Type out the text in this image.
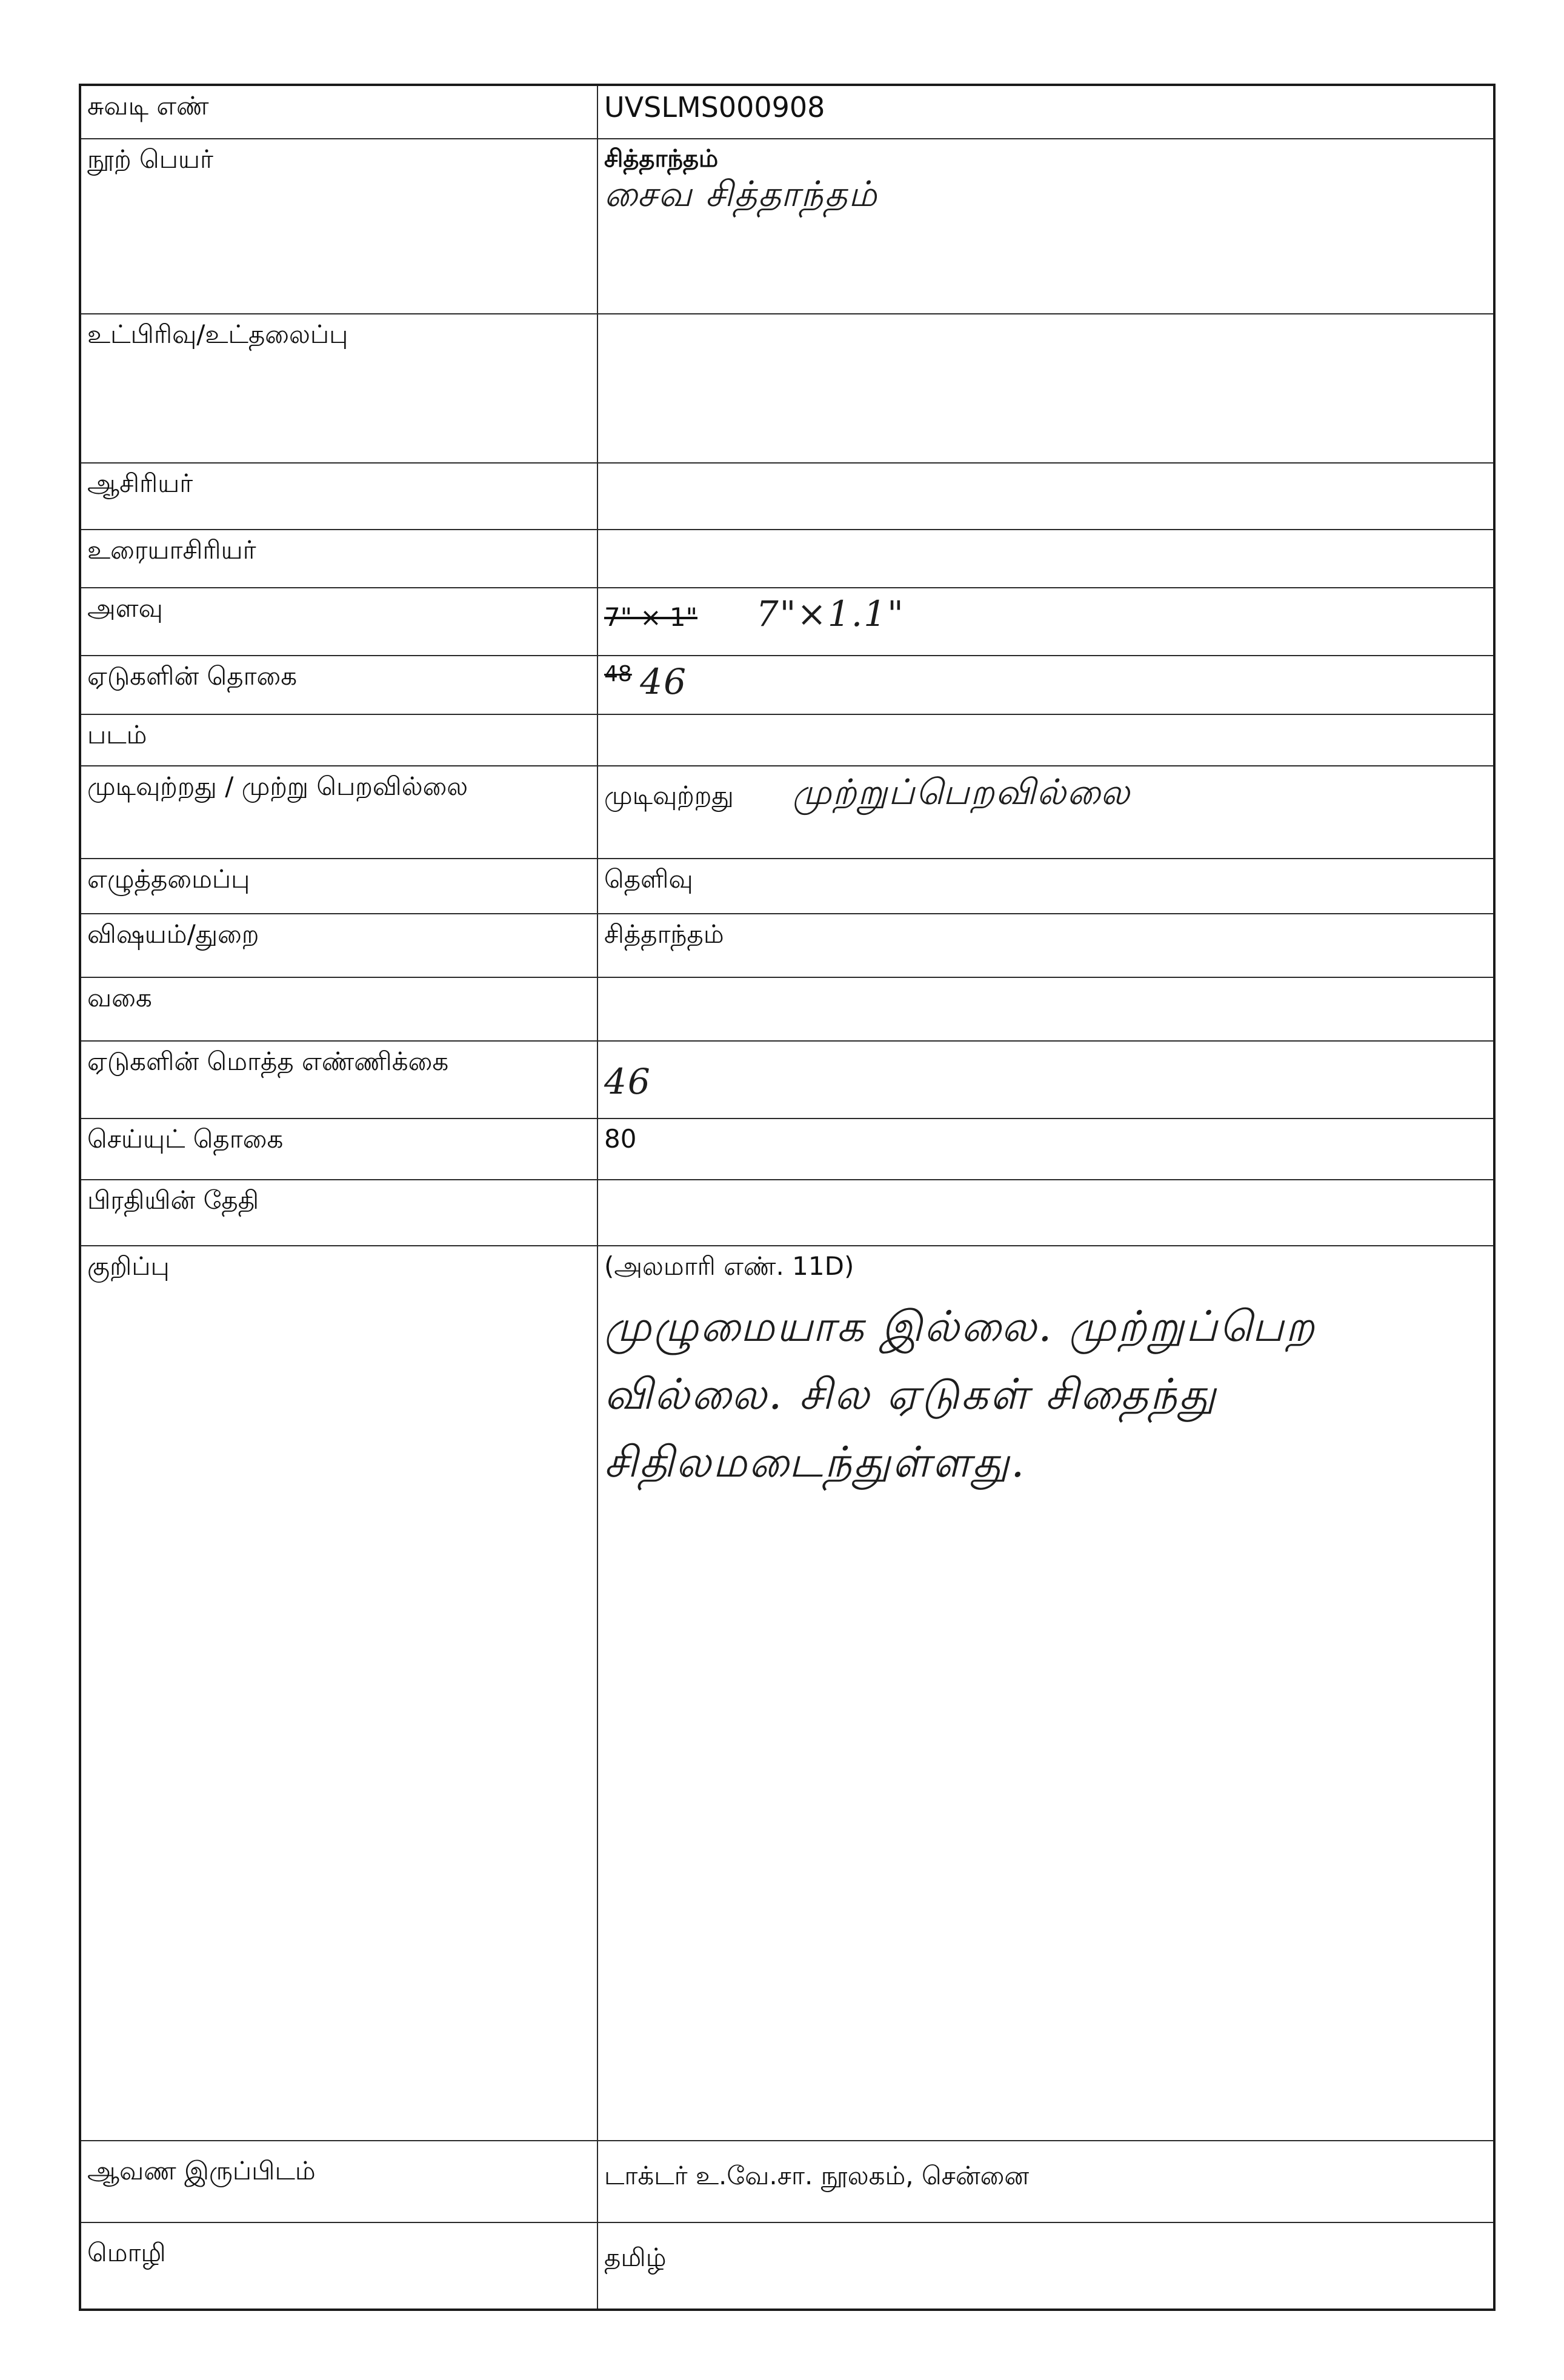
சுவடி எண்	UVSLMS000908
நூற் பெயர்	சித்தாந்தம்
சைவ சித்தாந்தம்

உட்பிரிவு/உட்தலைப்பு	
ஆசிரியர்	
உரையாசிரியர்	
அளவு	7" × 1" 7"×1.1"
ஏடுகளின் தொகை	48 46
படம்	
முடிவுற்றது / முற்று பெறவில்லை	முடிவுற்றது முற்றுப்பெறவில்லை
எழுத்தமைப்பு	தெளிவு
விஷயம்/துறை	சித்தாந்தம்
வகை	
ஏடுகளின் மொத்த எண்ணிக்கை	46
செய்யுட் தொகை	80
பிரதியின் தேதி	
குறிப்பு	(அலமாரி எண். 11D)
முழுமையாக இல்லை. முற்றுப்பெற
வில்லை. சில ஏடுகள் சிதைந்து
சிதிலமடைந்துள்ளது.

ஆவண இருப்பிடம்	டாக்டர் உ.வே.சா. நூலகம், சென்னை
மொழி	தமிழ்
